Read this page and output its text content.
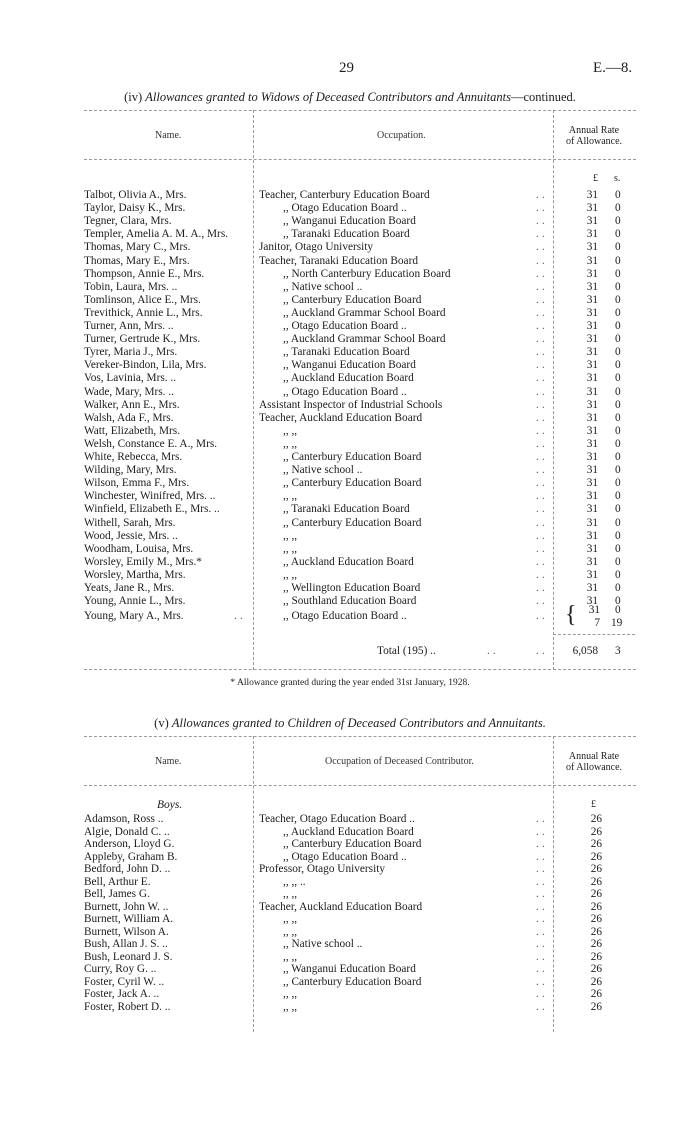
29	E.—8.
(iv) Allowances granted to Widows of Deceased Contributors and Annuitants—continued.
Name.	Occupation.	Annual Rate
of Allowance.
£ s.
Talbot, Olivia A., Mrs.	Teacher, Canterbury Education Board	31 0
..
Taylor, Daisy K., Mrs.	,, Otago Education Board ..	31 0
..
Tegner, Clara, Mrs.	,, Wanganui Education Board	31 0
..
Templer, Amelia A. M. A., Mrs.	,, Taranaki Education Board	31 0
..
Thomas, Mary C., Mrs.	Janitor, Otago University	31 0
..
Thomas, Mary E., Mrs.	Teacher, Taranaki Education Board	31 0
..
Thompson, Annie E., Mrs.	,, North Canterbury Education Board	31 0
..
Tobin, Laura, Mrs. ..	,, Native school ..	31 0
..
Tomlinson, Alice E., Mrs.	,, Canterbury Education Board	31 0
..
Trevithick, Annie L., Mrs.	,, Auckland Grammar School Board	31 0
..
Turner, Ann, Mrs. ..	,, Otago Education Board ..	31 0
..
Turner, Gertrude K., Mrs.	,, Auckland Grammar School Board	31 0
..
Tyrer, Maria J., Mrs.	,, Taranaki Education Board	31 0
..
Vereker-Bindon, Lila, Mrs.	,, Wanganui Education Board	31 0
..
Vos, Lavinia, Mrs. ..	,, Auckland Education Board	31 0
..
Wade, Mary, Mrs. ..	,, Otago Education Board ..	31 0
..
Walker, Ann E., Mrs.	Assistant Inspector of Industrial Schools	31 0
..
Walsh, Ada F., Mrs.	Teacher, Auckland Education Board	31 0
..
Watt, Elizabeth, Mrs.	,, ,,	31 0
..
Welsh, Constance E. A., Mrs.	,, ,,	31 0
..
White, Rebecca, Mrs.	,, Canterbury Education Board	31 0
..
Wilding, Mary, Mrs.	,, Native school ..	31 0
..
Wilson, Emma F., Mrs.	,, Canterbury Education Board	31 0
..
Winchester, Winifred, Mrs. ..	,, ,,	31 0
..
Winfield, Elizabeth E., Mrs. ..	,, Taranaki Education Board	31 0
..
Withell, Sarah, Mrs.	,, Canterbury Education Board	31 0
..
Wood, Jessie, Mrs. ..	,, ,,	31 0
..
Woodham, Louisa, Mrs.	,, ,,	31 0
..
Worsley, Emily M., Mrs.*	,, Auckland Education Board	31 0
..
Worsley, Martha, Mrs.	,, ,,	31 0
..
Yeats, Jane R., Mrs.	,, Wellington Education Board	31 0
..
Young, Annie L., Mrs.	,, Southland Education Board	31 0
..
Young, Mary A., Mrs.	..	,, Otago Education Board ..	.. {	31 0
7 19
Total (195) ..	..	..	6,058 3
* Allowance granted during the year ended 31st January, 1928.
(v) Allowances granted to Children of Deceased Contributors and Annuitants.
Name.	Occupation of Deceased Contributor.	Annual Rate
of Allowance.
Boys.	£
Adamson, Ross ..	Teacher, Otago Education Board ..	26
..
Algie, Donald C. ..	,, Auckland Education Board	26
..
Anderson, Lloyd G.	,, Canterbury Education Board	26
..
Appleby, Graham B.	,, Otago Education Board ..	26
..
Bedford, John D. ..	Professor, Otago University	26
..
Bell, Arthur E.	,, ,, ..	26
..
Bell, James G.	,, ,,	26
..
Burnett, John W. ..	Teacher, Auckland Education Board	26
..
Burnett, William A.	,, ,,	26
..
Burnett, Wilson A.	,, ,,	26
..
Bush, Allan J. S. ..	,, Native school ..	26
..
Bush, Leonard J. S.	,, ,,	26
..
Curry, Roy G. ..	,, Wanganui Education Board	26
..
Foster, Cyril W. ..	,, Canterbury Education Board	26
..
Foster, Jack A. ..	,, ,,	26
..
Foster, Robert D. ..	,, ,,	26
..
